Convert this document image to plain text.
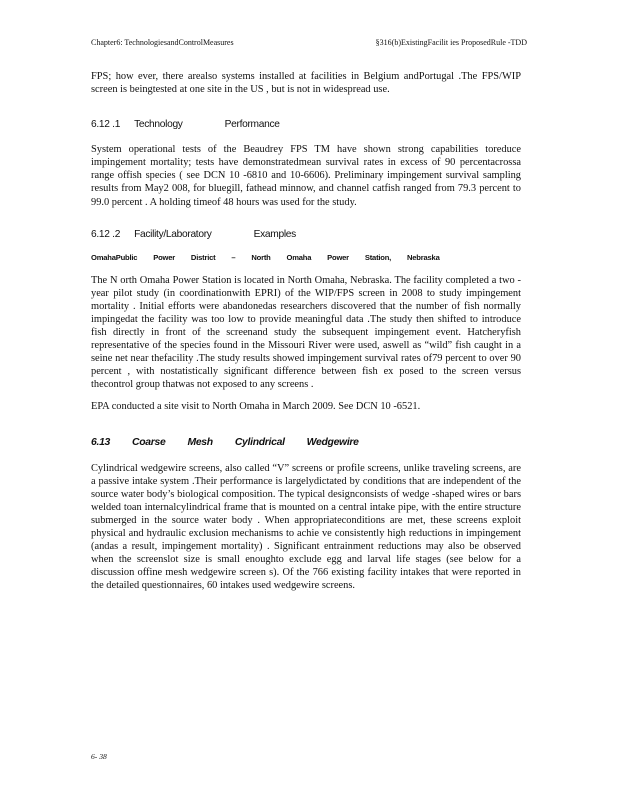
Chapter6: TechnologiesandControlMeasures	§316(b)ExistingFacilit ies ProposedRule -TDD

FPS; how ever, there arealso systems installed at facilities in Belgium andPortugal .The FPS/WIP screen is beingtested at one site in the US , but is not in widespread use.

6.12 .1 Technology	Performance

System operational tests of the Beaudrey FPS TM have shown strong capabilities toreduce impingement mortality; tests have demonstratedmean survival rates in excess of 90 percentacrossa range offish species ( see DCN 10 -6810 and 10-6606). Preliminary impingement survival sampling results from May2 008, for bluegill, fathead minnow, and channel catfish ranged from 79.3 percent to 99.0 percent . A holding timeof 48 hours was used for the study.

6.12 .2 Facility/Laboratory	Examples
OmahaPublic Power District – North Omaha Power Station, Nebraska

The N orth Omaha Power Station is located in North Omaha, Nebraska. The facility completed a two -year pilot study (in coordinationwith EPRI) of the WIP/FPS screen in 2008 to study impingement mortality . Initial efforts were abandonedas researchers discovered that the number of fish normally impingedat the facility was too low to provide meaningful data .The study then shifted to introduce fish directly in front of the screenand study the subsequent impingement event. Hatcheryfish representative of the species found in the Missouri River were used, aswell as “wild” fish caught in a seine net near thefacility .The study results showed impingement survival rates of79 percent to over 90 percent , with nostatistically significant difference between fish ex posed to the screen versus thecontrol group thatwas not exposed to any screens .

EPA conducted a site visit to North Omaha in March 2009. See DCN 10 -6521.

6.13 Coarse Mesh Cylindrical Wedgewire

Cylindrical wedgewire screens, also called “V” screens or profile screens, unlike traveling screens, are a passive intake system .Their performance is largelydictated by conditions that are independent of the source water body’s biological composition. The typical designconsists of wedge -shaped wires or bars welded toan internalcylindrical frame that is mounted on a central intake pipe, with the entire structure submerged in the source water body . When appropriateconditions are met, these screens exploit physical and hydraulic exclusion mechanisms to achie ve consistently high reductions in impingement (andas a result, impingement mortality) . Significant entrainment reductions may also be observed when the screenslot size is small enoughto exclude egg and larval life stages (see below for a discussion offine mesh wedgewire screen s). Of the 766 existing facility intakes that were reported in the detailed questionnaires, 60 intakes used wedgewire screens.

6- 38
